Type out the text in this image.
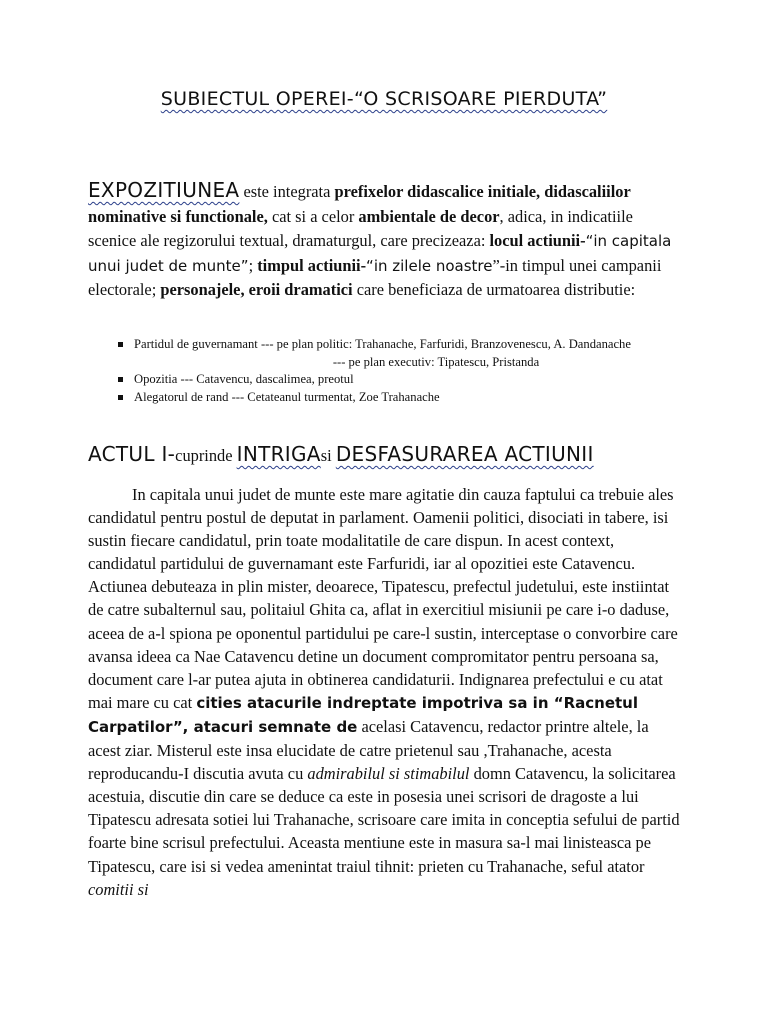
SUBIECTUL OPEREI-“O SCRISOARE PIERDUTA”

EXPOZITIUNEA este integrata prefixelor didascalice initiale, didascaliilor nominative si functionale, cat si a celor ambientale de decor, adica, in indicatiile scenice ale regizorului textual, dramaturgul, care precizeaza: locul actiunii-“in capitala unui judet de munte”; timpul actiunii-“in zilele noastre”-in timpul unei campanii electorale; personajele, eroii dramatici care beneficiaza de urmatoarea distributie:

Partidul de guvernamant --- pe plan politic: Trahanache, Farfuridi, Branzovenescu, A. Dandanache
--- pe plan executiv: Tipatescu, Pristanda
Opozitia --- Catavencu, dascalimea, preotul
Alegatorul de rand --- Cetateanul turmentat, Zoe Trahanache

ACTUL I-cuprinde INTRIGAsi DESFASURAREA ACTIUNII

In capitala unui judet de munte este mare agitatie din cauza faptului ca trebuie ales candidatul pentru postul de deputat in parlament. Oamenii politici, disociati in tabere, isi sustin fiecare candidatul, prin toate modalitatile de care dispun. In acest context, candidatul partidului de guvernamant este Farfuridi, iar al opozitiei este Catavencu. Actiunea debuteaza in plin mister, deoarece, Tipatescu, prefectul judetului, este instiintat de catre subalternul sau, politaiul Ghita ca, aflat in exercitiul misiunii pe care i-o daduse, aceea de a-l spiona pe oponentul partidului pe care-l sustin, interceptase o convorbire care avansa ideea ca Nae Catavencu detine un document compromitator pentru persoana sa, document care l-ar putea ajuta in obtinerea candidaturii. Indignarea prefectului e cu atat mai mare cu cat cities atacurile indreptate impotriva sa in “Racnetul Carpatilor”, atacuri semnate de acelasi Catavencu, redactor printre altele, la acest ziar. Misterul este insa elucidate de catre prietenul sau ,Trahanache, acesta reproducandu-I discutia avuta cu admirabilul si stimabilul domn Catavencu, la solicitarea acestuia, discutie din care se deduce ca este in posesia unei scrisori de dragoste a lui Tipatescu adresata sotiei lui Trahanache, scrisoare care imita in conceptia sefului de partid foarte bine scrisul prefectului. Aceasta mentiune este in masura sa-l mai linisteasca pe Tipatescu, care isi si vedea amenintat traiul tihnit: prieten cu Trahanache, seful atator comitii si
